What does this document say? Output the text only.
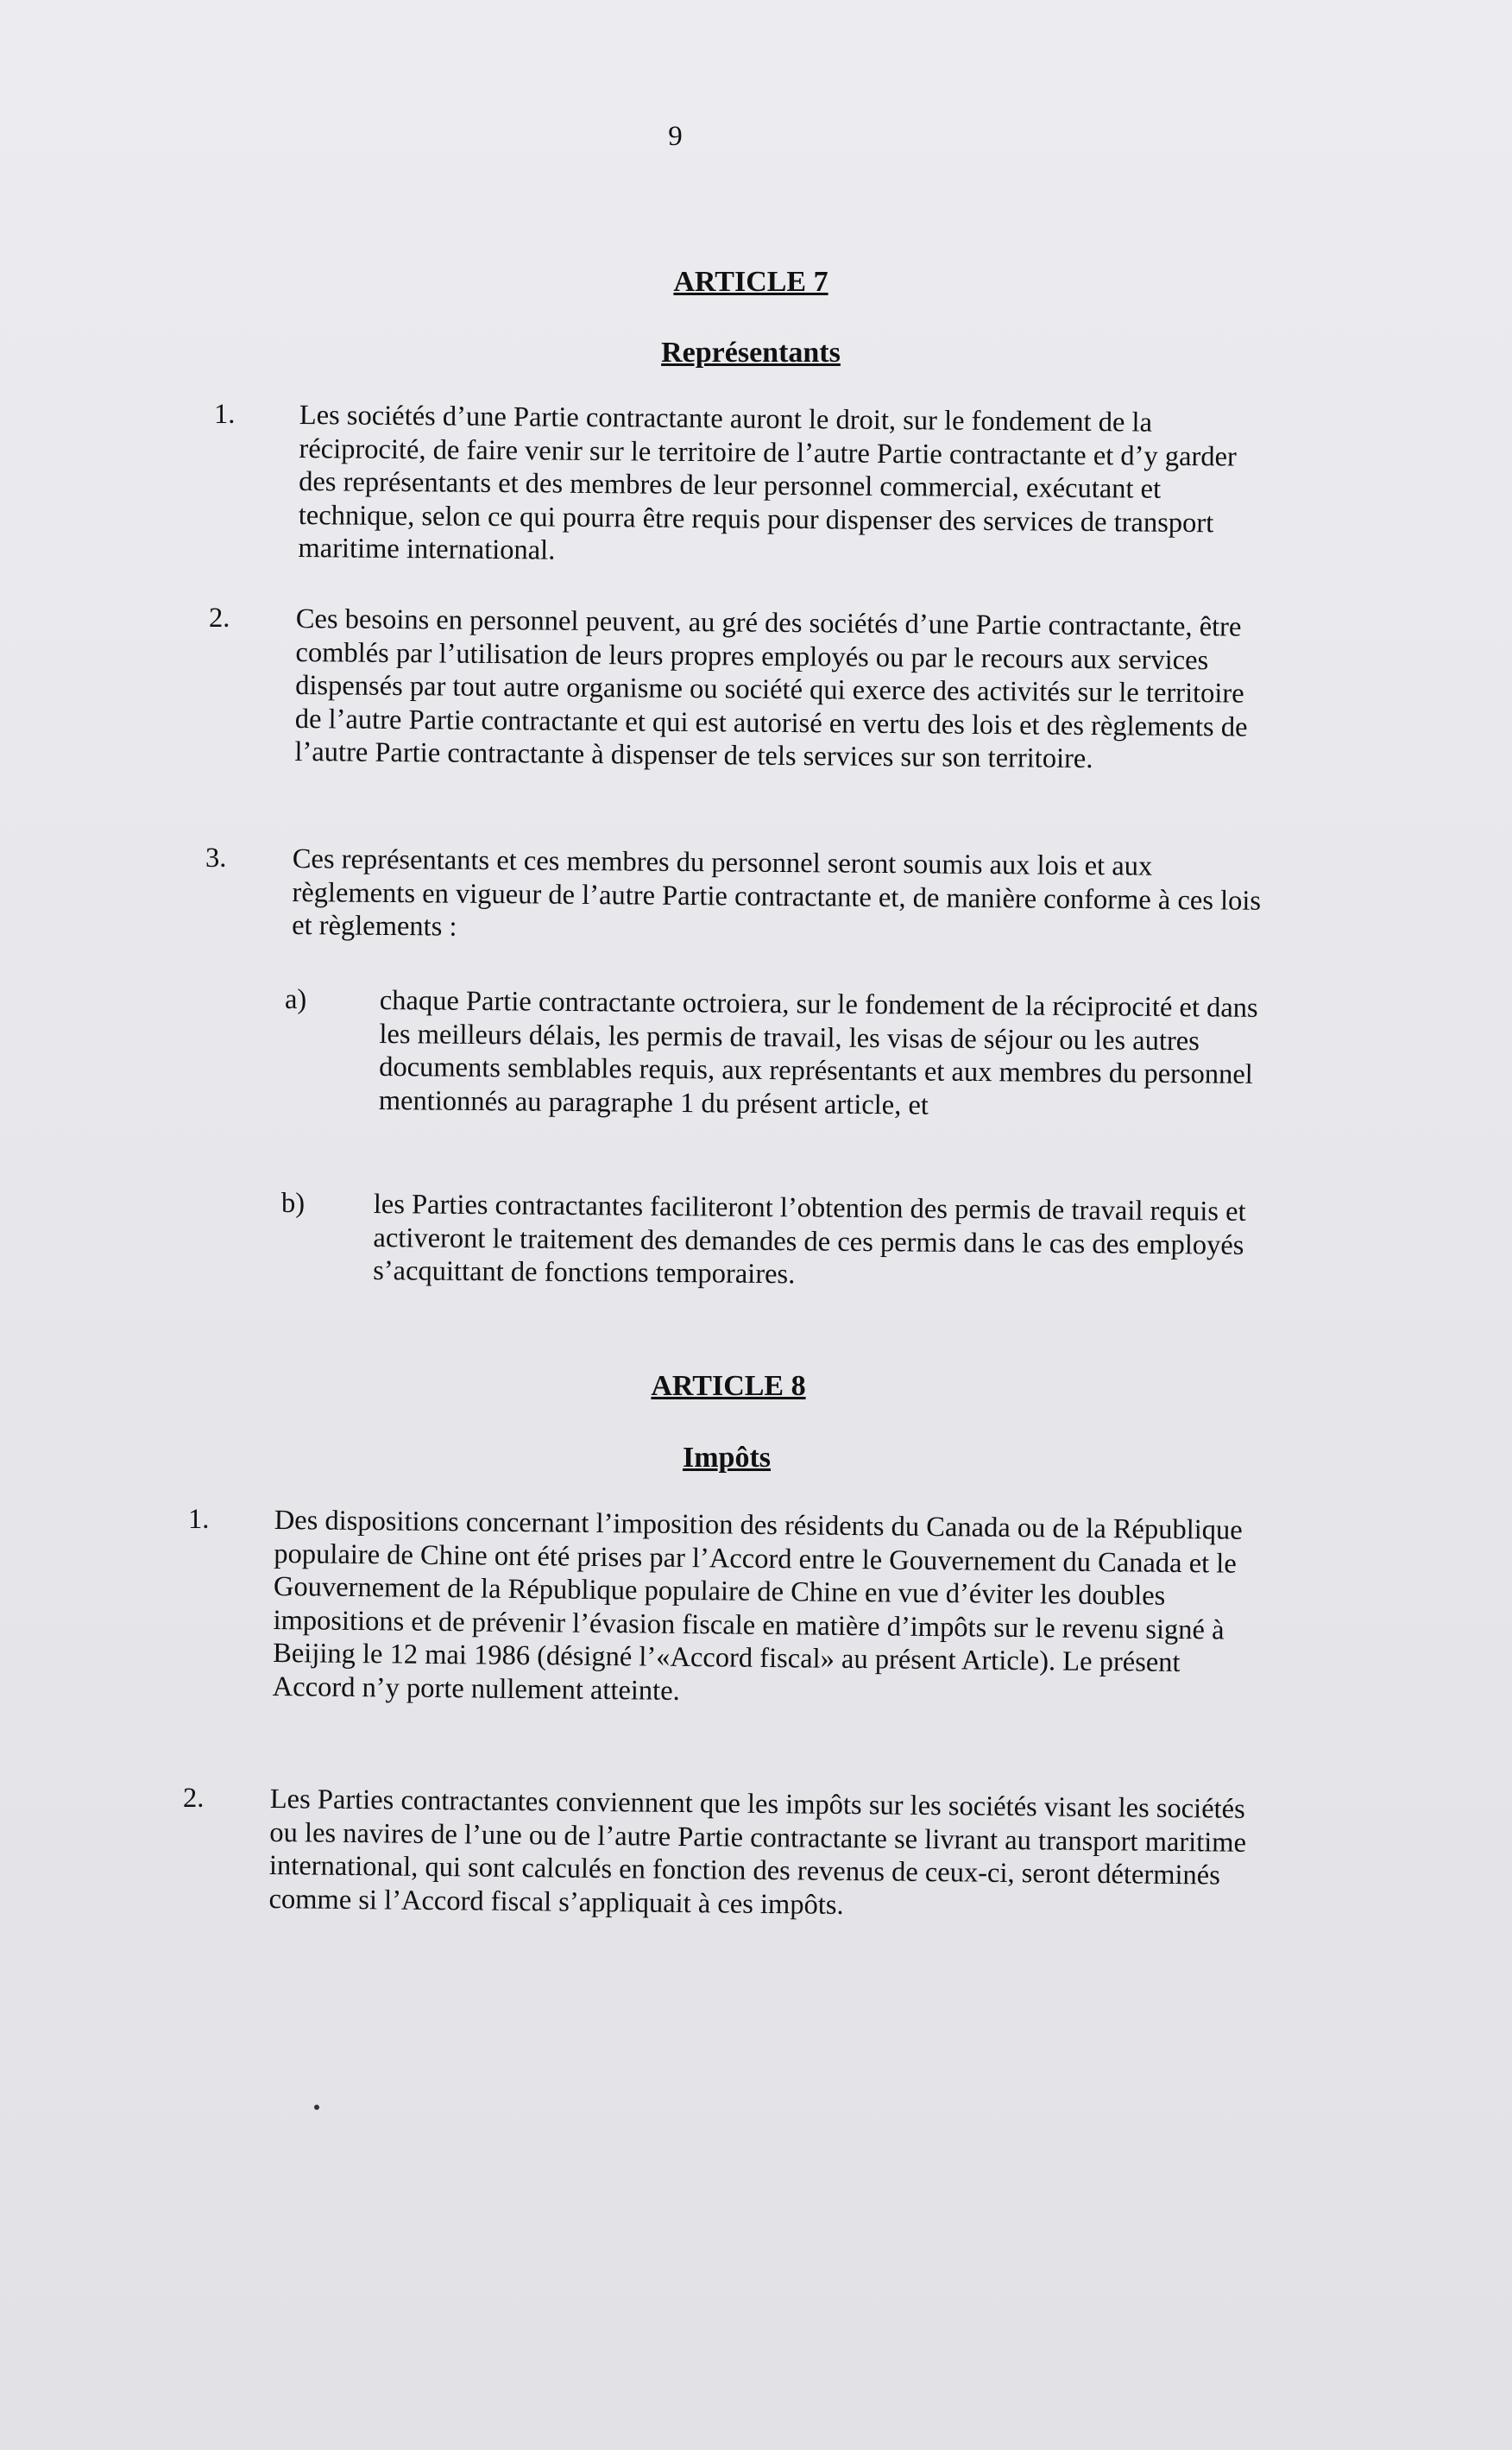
9
ARTICLE 7
Représentants
1. Les sociétés d’une Partie contractante auront le droit, sur le fondement de la réciprocité, de faire venir sur le territoire de l’autre Partie contractante et d’y garder des représentants et des membres de leur personnel commercial, exécutant et technique, selon ce qui pourra être requis pour dispenser des services de transport maritime international.

2. Ces besoins en personnel peuvent, au gré des sociétés d’une Partie contractante, être comblés par l’utilisation de leurs propres employés ou par le recours aux services dispensés par tout autre organisme ou société qui exerce des activités sur le territoire de l’autre Partie contractante et qui est autorisé en vertu des lois et des règlements de l’autre Partie contractante à dispenser de tels services sur son territoire.

3. Ces représentants et ces membres du personnel seront soumis aux lois et aux règlements en vigueur de l’autre Partie contractante et, de manière conforme à ces lois et règlements :

a)	chaque Partie contractante octroiera, sur le fondement de la réciprocité et dans les meilleurs délais, les permis de travail, les visas de séjour ou les autres documents semblables requis, aux représentants et aux membres du personnel mentionnés au paragraphe 1 du présent article, et

b) les Parties contractantes faciliteront l’obtention des permis de travail requis et activeront le traitement des demandes de ces permis dans le cas des employés s’acquittant de fonctions temporaires.

ARTICLE 8
Impôts
1. Des dispositions concernant l’imposition des résidents du Canada ou de la République populaire de Chine ont été prises par l’Accord entre le Gouvernement du Canada et le Gouvernement de la République populaire de Chine en vue d’éviter les doubles impositions et de prévenir l’évasion fiscale en matière d’impôts sur le revenu signé à Beijing le 12 mai 1986 (désigné l’«Accord fiscal» au présent Article). Le présent Accord n’y porte nullement atteinte.

2. Les Parties contractantes conviennent que les impôts sur les sociétés visant les sociétés ou les navires de l’une ou de l’autre Partie contractante se livrant au transport maritime international, qui sont calculés en fonction des revenus de ceux-ci, seront déterminés comme si l’Accord fiscal s’appliquait à ces impôts.
